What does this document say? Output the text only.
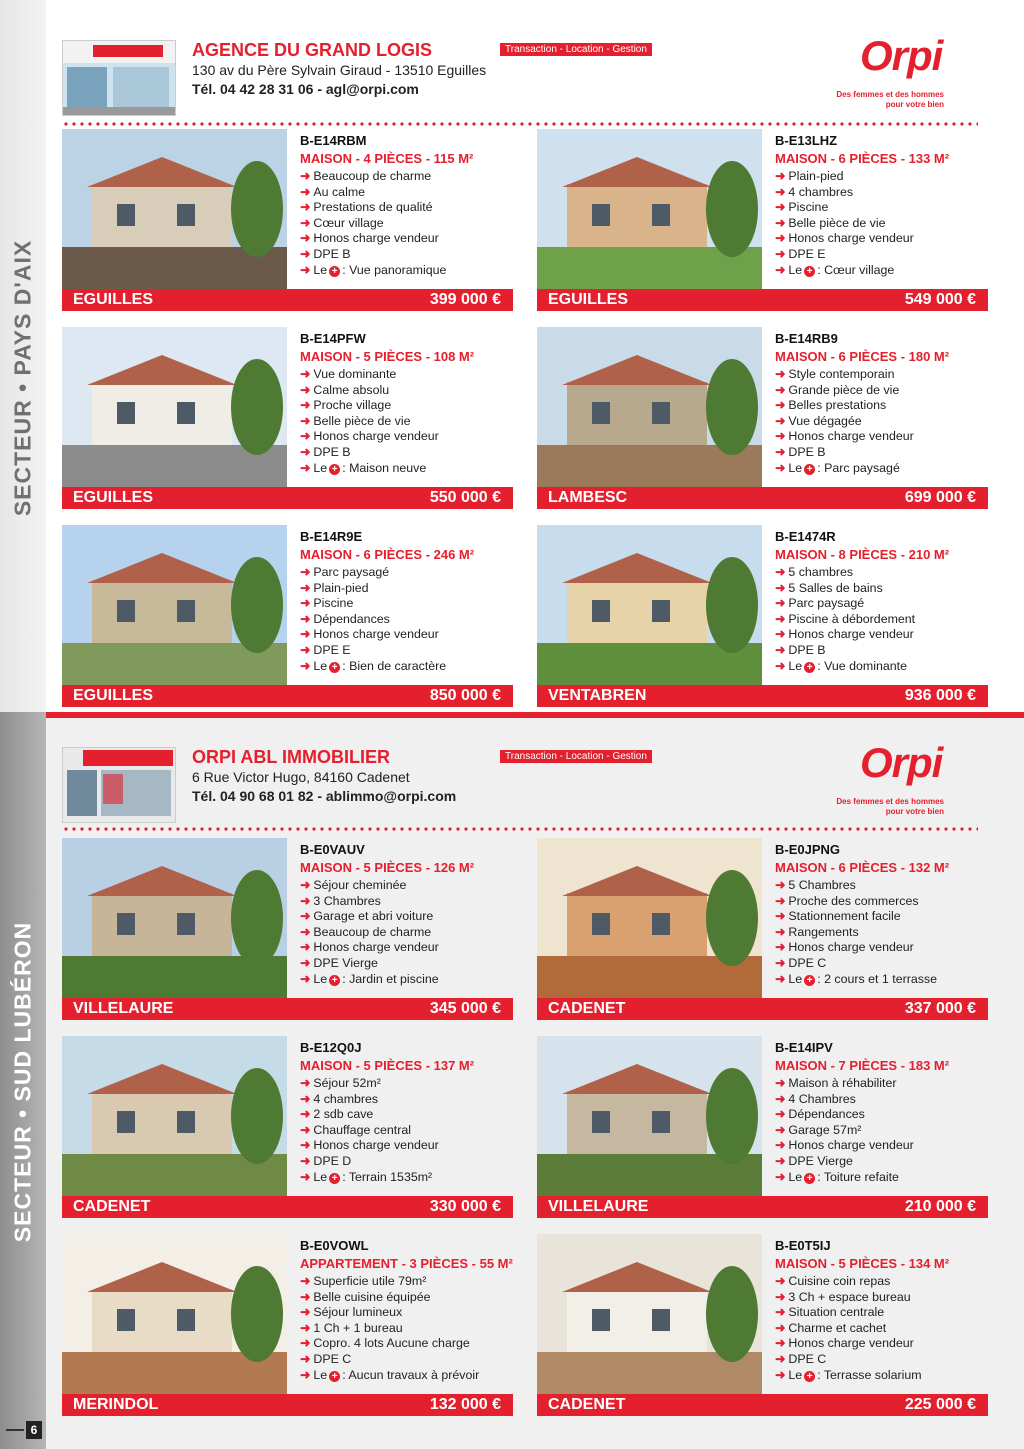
SECTEUR • PAYS D'AIX
SECTEUR • SUD LUBÉRON
AGENCE DU GRAND LOGIS
130 av du Père Sylvain Giraud - 13510 Eguilles
Tél. 04 42 28 31 06 - agl@orpi.com
Transaction - Location - Gestion	Orpi
Des femmes et des hommes
pour votre bien
ORPI ABL IMMOBILIER
6 Rue Victor Hugo, 84160 Cadenet
Tél. 04 90 68 01 82 - ablimmo@orpi.com
Transaction - Location - Gestion	Orpi
Des femmes et des hommes
pour votre bien
B-E14RBM
MAISON - 4 PIÈCES - 115 M²
➜ Beaucoup de charme
➜ Au calme
➜ Prestations de qualité
➜ Cœur village
➜ Honos charge vendeur
➜ DPE B
➜ Le + : Vue panoramique
EGUILLES	399 000 €
B-E13LHZ
MAISON - 6 PIÈCES - 133 M²
➜ Plain-pied
➜ 4 chambres
➜ Piscine
➜ Belle pièce de vie
➜ Honos charge vendeur
➜ DPE E
➜ Le + : Cœur village
EGUILLES	549 000 €
B-E14PFW
MAISON - 5 PIÈCES - 108 M²
➜ Vue dominante
➜ Calme absolu
➜ Proche village
➜ Belle pièce de vie
➜ Honos charge vendeur
➜ DPE B
➜ Le + : Maison neuve
EGUILLES	550 000 €
B-E14RB9
MAISON - 6 PIÈCES - 180 M²
➜ Style contemporain
➜ Grande pièce de vie
➜ Belles prestations
➜ Vue dégagée
➜ Honos charge vendeur
➜ DPE B
➜ Le + : Parc paysagé
LAMBESC	699 000 €
B-E14R9E
MAISON - 6 PIÈCES - 246 M²
➜ Parc paysagé
➜ Plain-pied
➜ Piscine
➜ Dépendances
➜ Honos charge vendeur
➜ DPE E
➜ Le + : Bien de caractère
EGUILLES	850 000 €
B-E1474R
MAISON - 8 PIÈCES - 210 M²
➜ 5 chambres
➜ 5 Salles de bains
➜ Parc paysagé
➜ Piscine à débordement
➜ Honos charge vendeur
➜ DPE B
➜ Le + : Vue dominante
VENTABREN	936 000 €
B-E0VAUV
MAISON - 5 PIÈCES - 126 M²
➜ Séjour cheminée
➜ 3 Chambres
➜ Garage et abri voiture
➜ Beaucoup de charme
➜ Honos charge vendeur
➜ DPE Vierge
➜ Le + : Jardin et piscine
VILLELAURE	345 000 €
B-E0JPNG
MAISON - 6 PIÈCES - 132 M²
➜ 5 Chambres
➜ Proche des commerces
➜ Stationnement facile
➜ Rangements
➜ Honos charge vendeur
➜ DPE C
➜ Le + : 2 cours et 1 terrasse
CADENET	337 000 €
B-E12Q0J
MAISON - 5 PIÈCES - 137 M²
➜ Séjour 52m²
➜ 4 chambres
➜ 2 sdb cave
➜ Chauffage central
➜ Honos charge vendeur
➜ DPE D
➜ Le + : Terrain 1535m²
CADENET	330 000 €
B-E14IPV
MAISON - 7 PIÈCES - 183 M²
➜ Maison à réhabiliter
➜ 4 Chambres
➜ Dépendances
➜ Garage 57m²
➜ Honos charge vendeur
➜ DPE Vierge
➜ Le + : Toiture refaite
VILLELAURE	210 000 €
B-E0VOWL
APPARTEMENT - 3 PIÈCES - 55 M²
➜ Superficie utile 79m²
➜ Belle cuisine équipée
➜ Séjour lumineux
➜ 1 Ch + 1 bureau
➜ Copro. 4 lots Aucune charge
➜ DPE C
➜ Le + : Aucun travaux à prévoir
MERINDOL	132 000 €
B-E0T5IJ
MAISON - 5 PIÈCES - 134 M²
➜ Cuisine coin repas
➜ 3 Ch + espace bureau
➜ Situation centrale
➜ Charme et cachet
➜ Honos charge vendeur
➜ DPE C
➜ Le + : Terrasse solarium
CADENET	225 000 €
6
